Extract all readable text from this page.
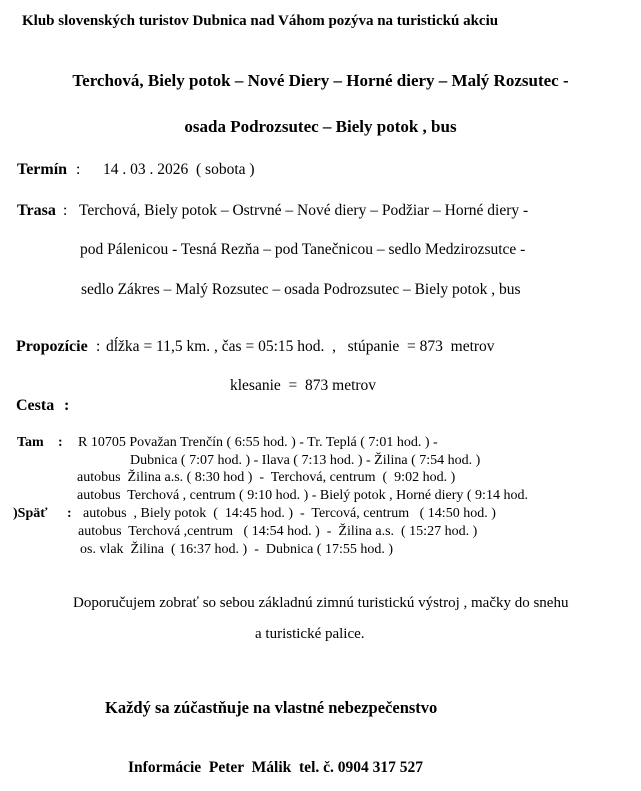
Klub slovenských turistov Dubnica nad Váhom pozýva na turistickú akciu
Terchová, Biely potok – Nové Diery – Horné diery – Malý Rozsutec -
osada Podrozsutec – Biely potok , bus
Termín : 14 . 03 . 2026  ( sobota )
Trasa : Terchová, Biely potok – Ostrvné – Nové diery – Podžiar – Horné diery -
pod Pálenicou - Tesná Rezňa – pod Tanečnicou – sedlo Medzirozsutce -
sedlo Zákres – Malý Rozsutec – osada Podrozsutec – Biely potok , bus
Propozície : dĺžka = 11,5 km. , čas = 05:15 hod.  ,   stúpanie  = 873  metrov
klesanie  =  873 metrov
Cesta :
Tam : R 10705 Považan Trenčín ( 6:55 hod. ) - Tr. Teplá ( 7:01 hod. ) -
Dubnica ( 7:07 hod. ) - Ilava ( 7:13 hod. ) - Žilina ( 7:54 hod. )
autobus  Žilina a.s. ( 8:30 hod )  -  Terchová, centrum  (  9:02 hod. )
autobus  Terchová , centrum ( 9:10 hod. ) - Bielý potok , Horné diery ( 9:14 hod.
)Späť : autobus  , Biely potok  (  14:45 hod. )  -  Tercová, centrum   ( 14:50 hod. )
autobus  Terchová ,centrum   ( 14:54 hod. )  -  Žilina a.s.  ( 15:27 hod. )
os. vlak  Žilina  ( 16:37 hod. )  -  Dubnica ( 17:55 hod. )
Doporučujem zobrať so sebou základnú zimnú turistickú výstroj , mačky do snehu
a turistické palice.
Každý sa zúčastňuje na vlastné nebezpečenstvo
Informácie  Peter  Málik  tel. č. 0904 317 527
